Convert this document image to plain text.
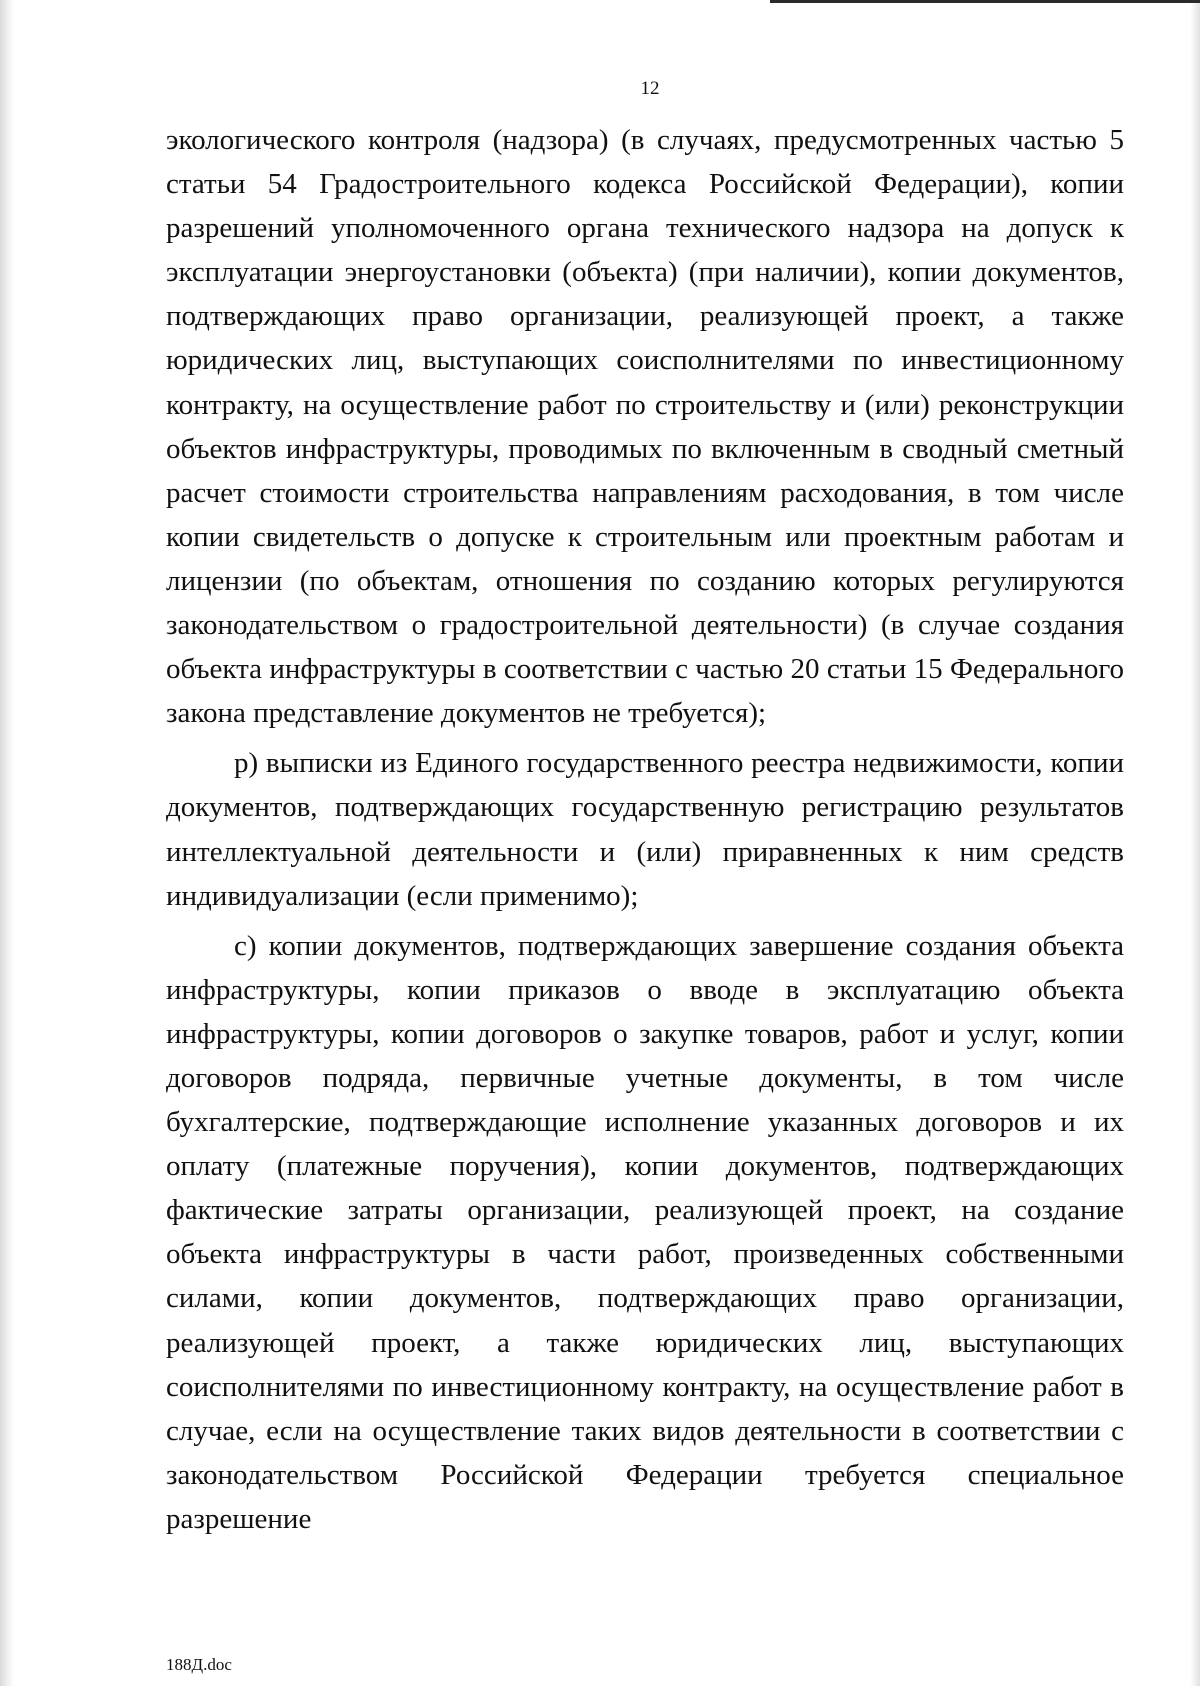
12

экологического контроля (надзора) (в случаях, предусмотренных частью 5 статьи 54 Градостроительного кодекса Российской Федерации), копии разрешений уполномоченного органа технического надзора на допуск к эксплуатации энергоустановки (объекта) (при наличии), копии документов, подтверждающих право организации, реализующей проект, а также юридических лиц, выступающих соисполнителями по инвестиционному контракту, на осуществление работ по строительству и (или) реконструкции объектов инфраструктуры, проводимых по включенным в сводный сметный расчет стоимости строительства направлениям расходования, в том числе копии свидетельств о допуске к строительным или проектным работам и лицензии (по объектам, отношения по созданию которых регулируются законодательством о градостроительной деятельности) (в случае создания объекта инфраструктуры в соответствии с частью 20 статьи 15 Федерального закона представление документов не требуется);

р) выписки из Единого государственного реестра недвижимости, копии документов, подтверждающих государственную регистрацию результатов интеллектуальной деятельности и (или) приравненных к ним средств индивидуализации (если применимо);

с) копии документов, подтверждающих завершение создания объекта инфраструктуры, копии приказов о вводе в эксплуатацию объекта инфраструктуры, копии договоров о закупке товаров, работ и услуг, копии договоров подряда, первичные учетные документы, в том числе бухгалтерские, подтверждающие исполнение указанных договоров и их оплату (платежные поручения), копии документов, подтверждающих фактические затраты организации, реализующей проект, на создание объекта инфраструктуры в части работ, произведенных собственными силами, копии документов, подтверждающих право организации, реализующей проект, а также юридических лиц, выступающих соисполнителями по инвестиционному контракту, на осуществление работ в случае, если на осуществление таких видов деятельности в соответствии с законодательством Российской Федерации требуется специальное разрешение

188Д.doc
